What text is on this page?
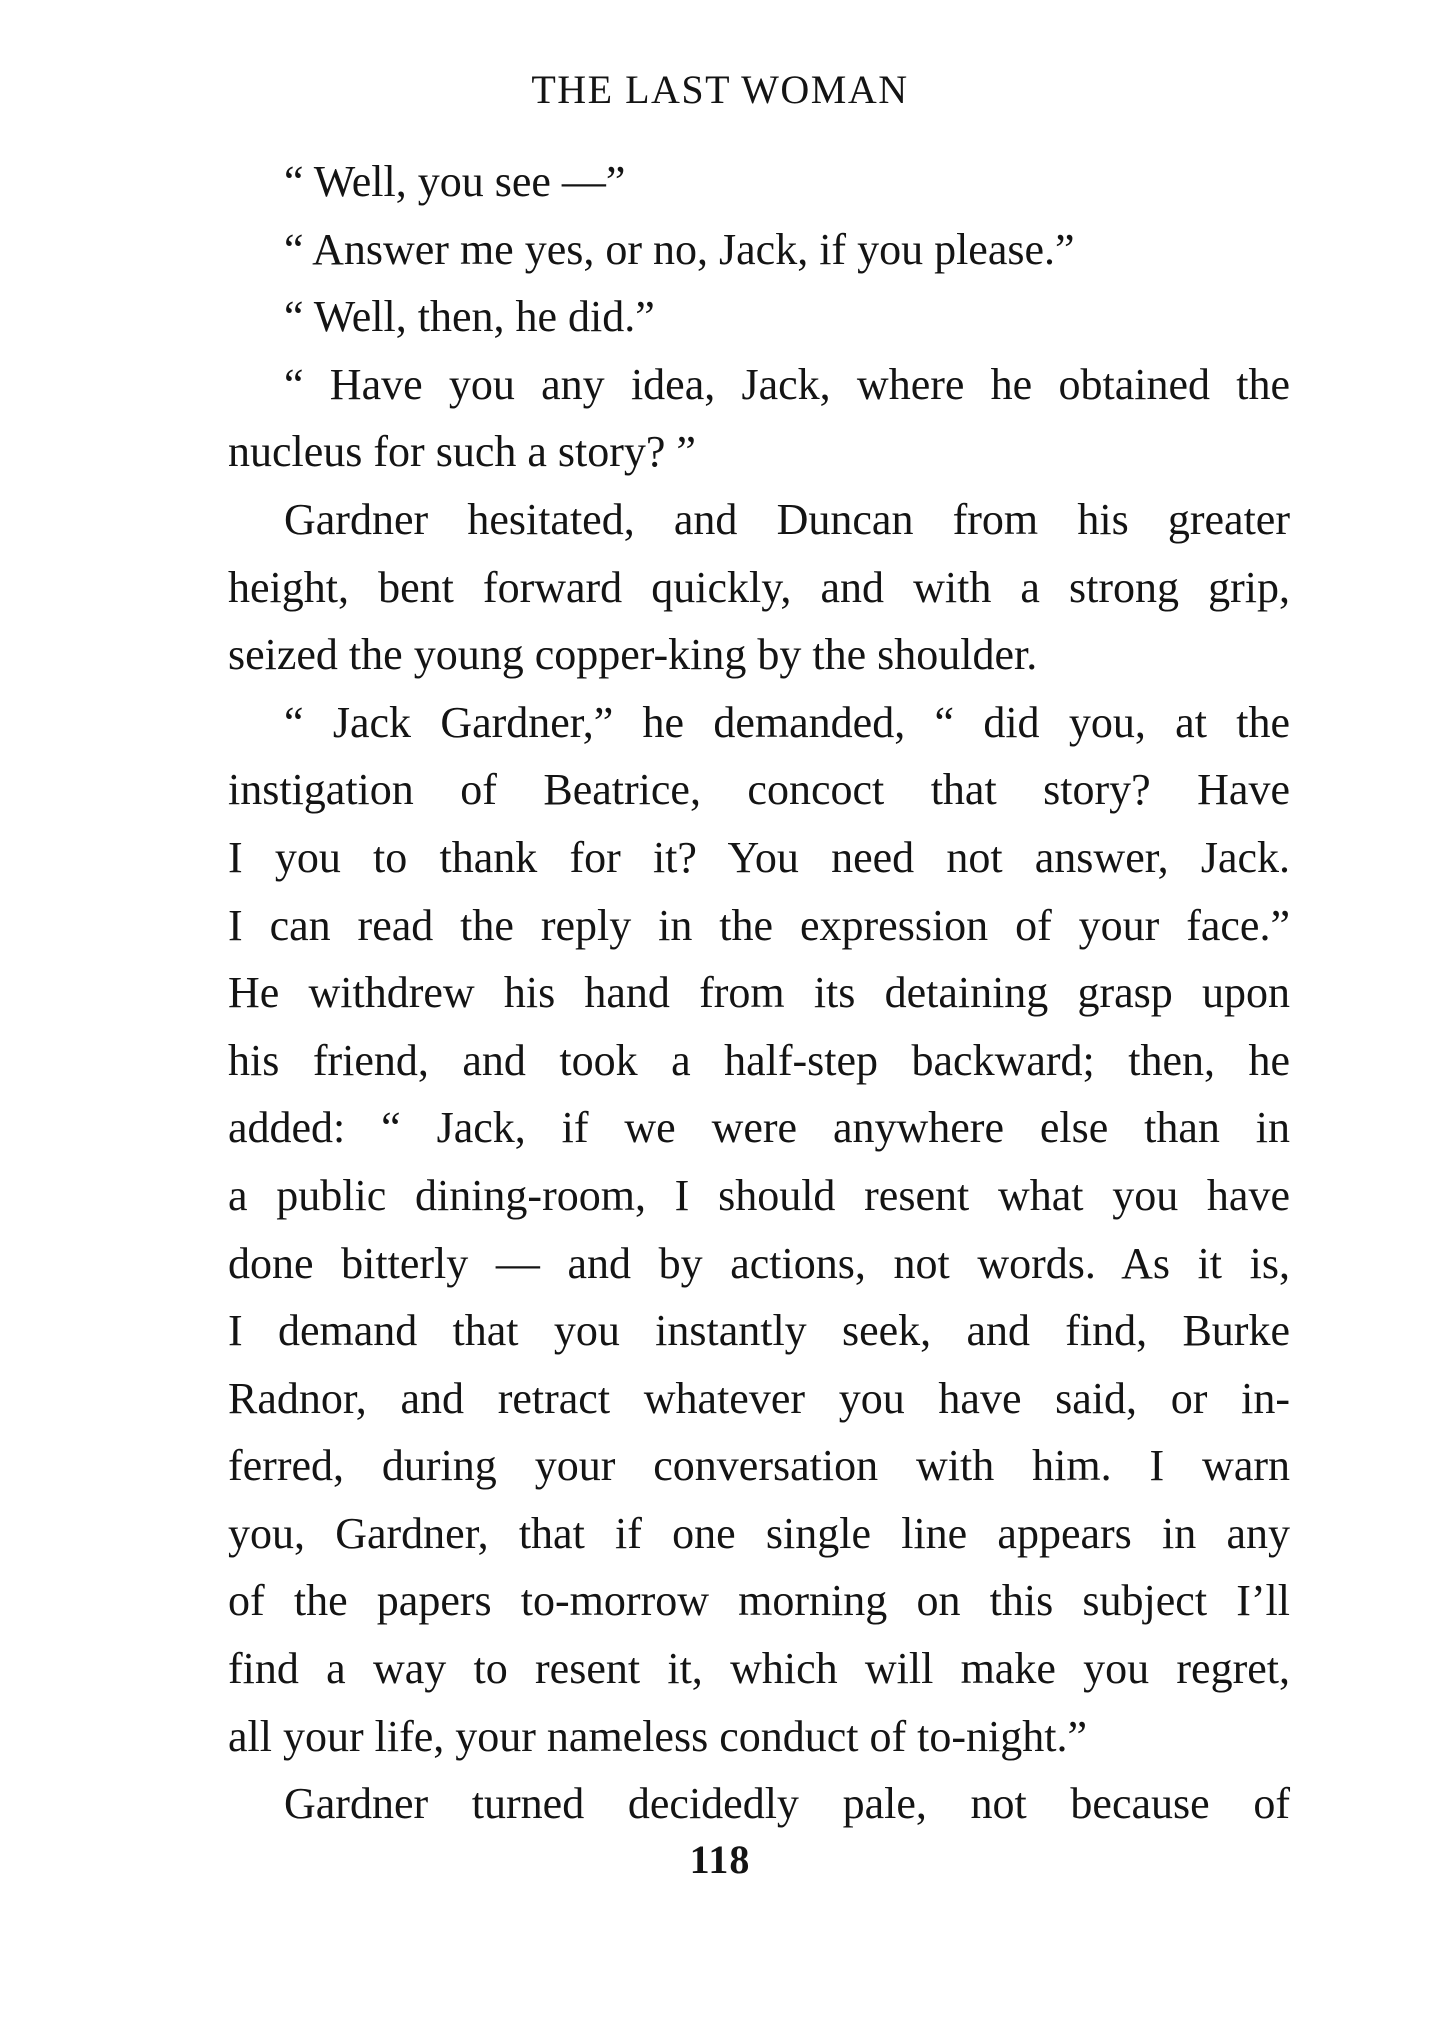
THE LAST WOMAN
“ Well, you see —”
“ Answer me yes, or no, Jack, if you please.”
“ Well, then, he did.”
“ Have you any idea, Jack, where he obtained the
nucleus for such a story? ”
Gardner hesitated, and Duncan from his greater
height, bent forward quickly, and with a strong grip,
seized the young copper-king by the shoulder.
“ Jack Gardner,” he demanded, “ did you, at the
instigation of Beatrice, concoct that story? Have
I you to thank for it? You need not answer, Jack.
I can read the reply in the expression of your face.”
He withdrew his hand from its detaining grasp upon
his friend, and took a half-step backward; then, he
added: “ Jack, if we were anywhere else than in
a public dining-room, I should resent what you have
done bitterly — and by actions, not words. As it is,
I demand that you instantly seek, and find, Burke
Radnor, and retract whatever you have said, or in-
ferred, during your conversation with him. I warn
you, Gardner, that if one single line appears in any
of the papers to-morrow morning on this subject I’ll
find a way to resent it, which will make you regret,
all your life, your nameless conduct of to-night.”
Gardner turned decidedly pale, not because of
118
